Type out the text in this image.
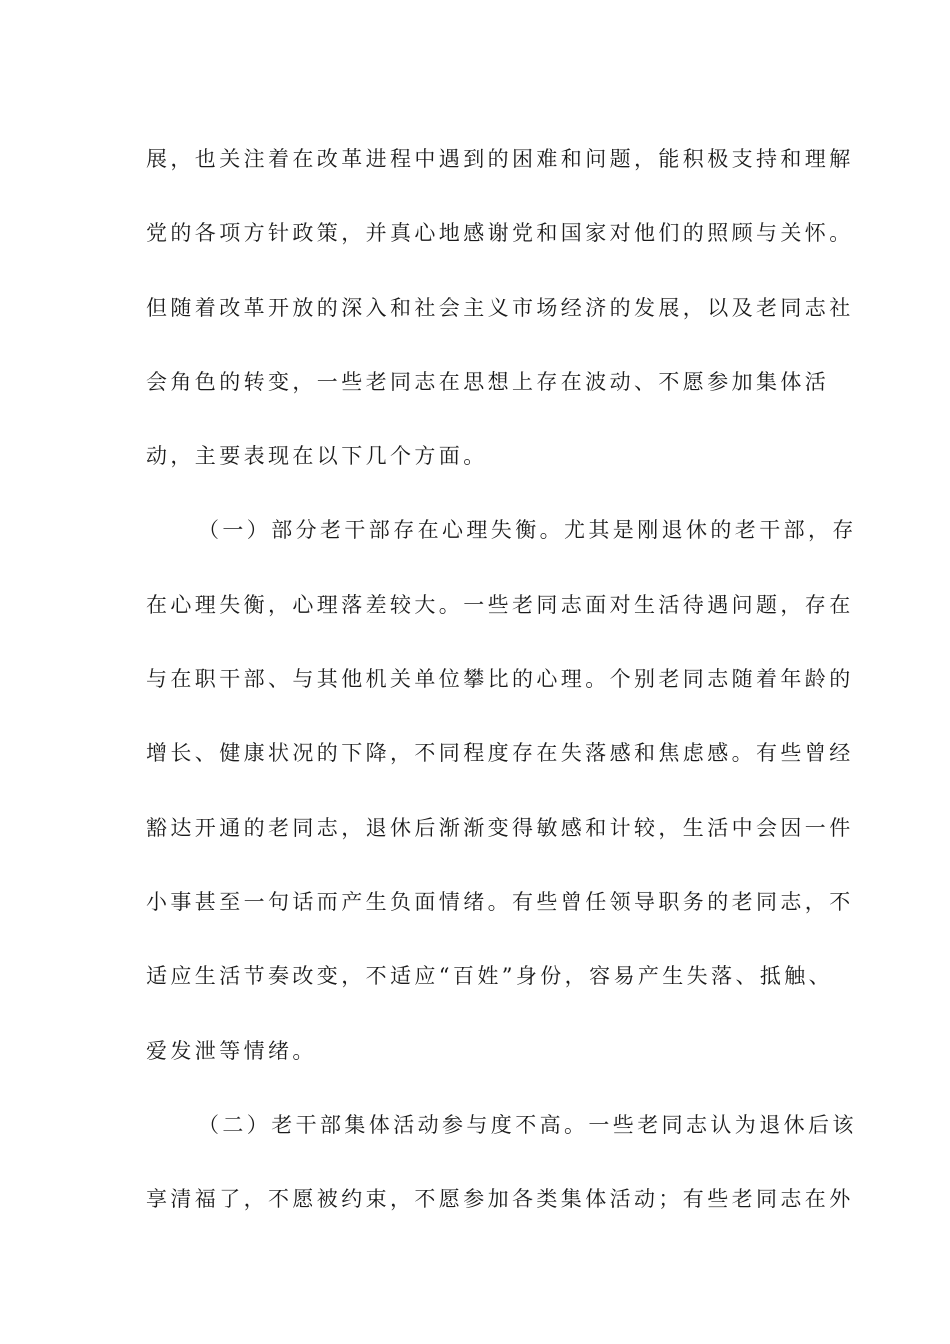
展，也关注着在改革进程中遇到的困难和问题，能积极支持和理解
党的各项方针政策，并真心地感谢党和国家对他们的照顾与关怀。
但随着改革开放的深入和社会主义市场经济的发展，以及老同志社
会角色的转变，一些老同志在思想上存在波动、不愿参加集体活
动，主要表现在以下几个方面。
（一）部分老干部存在心理失衡。尤其是刚退休的老干部，存
在心理失衡，心理落差较大。一些老同志面对生活待遇问题，存在
与在职干部、与其他机关单位攀比的心理。个别老同志随着年龄的
增长、健康状况的下降，不同程度存在失落感和焦虑感。有些曾经
豁达开通的老同志，退休后渐渐变得敏感和计较，生活中会因一件
小事甚至一句话而产生负面情绪。有些曾任领导职务的老同志，不
适应生活节奏改变，不适应“百姓”身份，容易产生失落、抵触、
爱发泄等情绪。
（二）老干部集体活动参与度不高。一些老同志认为退休后该
享清福了，不愿被约束，不愿参加各类集体活动；有些老同志在外
